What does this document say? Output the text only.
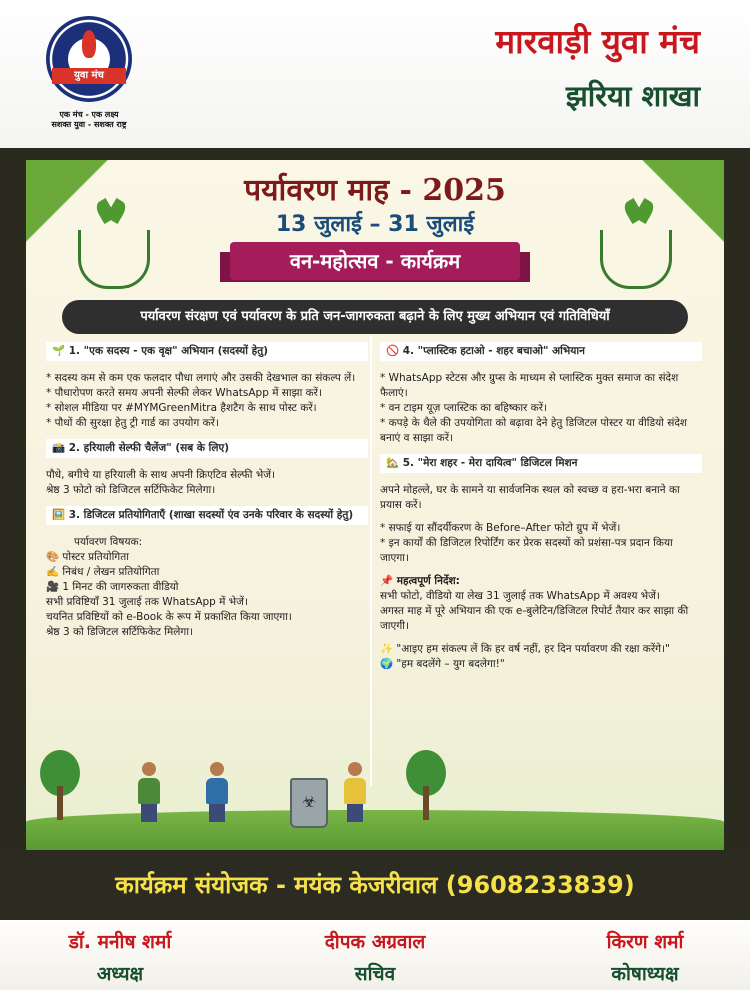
युवा मंच
एक मंच - एक लक्ष्य
सशक्त युवा - सशक्त राष्ट्र
मारवाड़ी युवा मंच
झरिया शाखा
पर्यावरण माह - 2025
13 जुलाई – 31 जुलाई
वन-महोत्सव - कार्यक्रम
पर्यावरण संरक्षण एवं पर्यावरण के प्रति जन-जागरुकता बढ़ाने के लिए मुख्य अभियान एवं गतिविधियाँ
🌱 1. "एक सदस्य - एक वृक्ष" अभियान (सदस्यों हेतु)
* सदस्य कम से कम एक फलदार पौधा लगाएं और उसकी देखभाल का संकल्प लें।
* पौधारोपण करते समय अपनी सेल्फी लेकर WhatsApp में साझा करें।
* सोशल मीडिया पर #MYMGreenMitra हैशटैग के साथ पोस्ट करें।
* पौधों की सुरक्षा हेतु ट्री गार्ड का उपयोग करें।
📸 2. हरियाली सेल्फी चैलेंज" (सब के लिए)
पौधे, बगीचे या हरियाली के साथ अपनी क्रिएटिव सेल्फी भेजें।
श्रेष्ठ 3 फोटो को डिजिटल सर्टिफिकेट मिलेगा।
🖼️ 3. डिजिटल प्रतियोगिताएँ (शाखा सदस्यों एंव उनके परिवार के सदस्यों हेतु)
पर्यावरण विषयक:
🎨 पोस्टर प्रतियोगिता
✍️ निबंध / लेखन प्रतियोगिता
🎥 1 मिनट की जागरुकता वीडियो
सभी प्रविष्टियाँ 31 जुलाई तक WhatsApp में भेजें।
चयनित प्रविष्टियों को e-Book के रूप में प्रकाशित किया जाएगा।
श्रेष्ठ 3 को डिजिटल सर्टिफिकेट मिलेगा।
🚫 4. "प्लास्टिक हटाओ - शहर बचाओ" अभियान
* WhatsApp स्टेटस और ग्रुप्स के माध्यम से प्लास्टिक मुक्त समाज का संदेश फैलाएं।
* वन टाइम यूज़ प्लास्टिक का बहिष्कार करें।
* कपड़े के थैले की उपयोगिता को बढ़ावा देने हेतु डिजिटल पोस्टर या वीडियो संदेश बनाएं व साझा करें।
🏡 5. "मेरा शहर - मेरा दायित्व" डिजिटल मिशन
अपने मोहल्ले, घर के सामने या सार्वजनिक स्थल को स्वच्छ व हरा-भरा बनाने का प्रयास करें।
* सफाई या सौंदर्यीकरण के Before–After फोटो ग्रुप में भेजें।
* इन कार्यों की डिजिटल रिपोर्टिंग कर प्रेरक सदस्यों को प्रशंसा-पत्र प्रदान किया जाएगा।
📌 महत्वपूर्ण निर्देश:
सभी फोटो, वीडियो या लेख 31 जुलाई तक WhatsApp में अवश्य भेजें।
अगस्त माह में पूरे अभियान की एक e-बुलेटिन/डिजिटल रिपोर्ट तैयार कर साझा की जाएगी।
✨ "आइए हम संकल्प लें कि हर वर्ष नहीं, हर दिन पर्यावरण की रक्षा करेंगे।"
🌍 "हम बदलेंगे – युग बदलेगा!"
☣
कार्यक्रम संयोजक - मयंक केजरीवाल (9608233839)
डॉ. मनीष शर्मा
अध्यक्ष
दीपक अग्रवाल
सचिव
किरण शर्मा
कोषाध्यक्ष
